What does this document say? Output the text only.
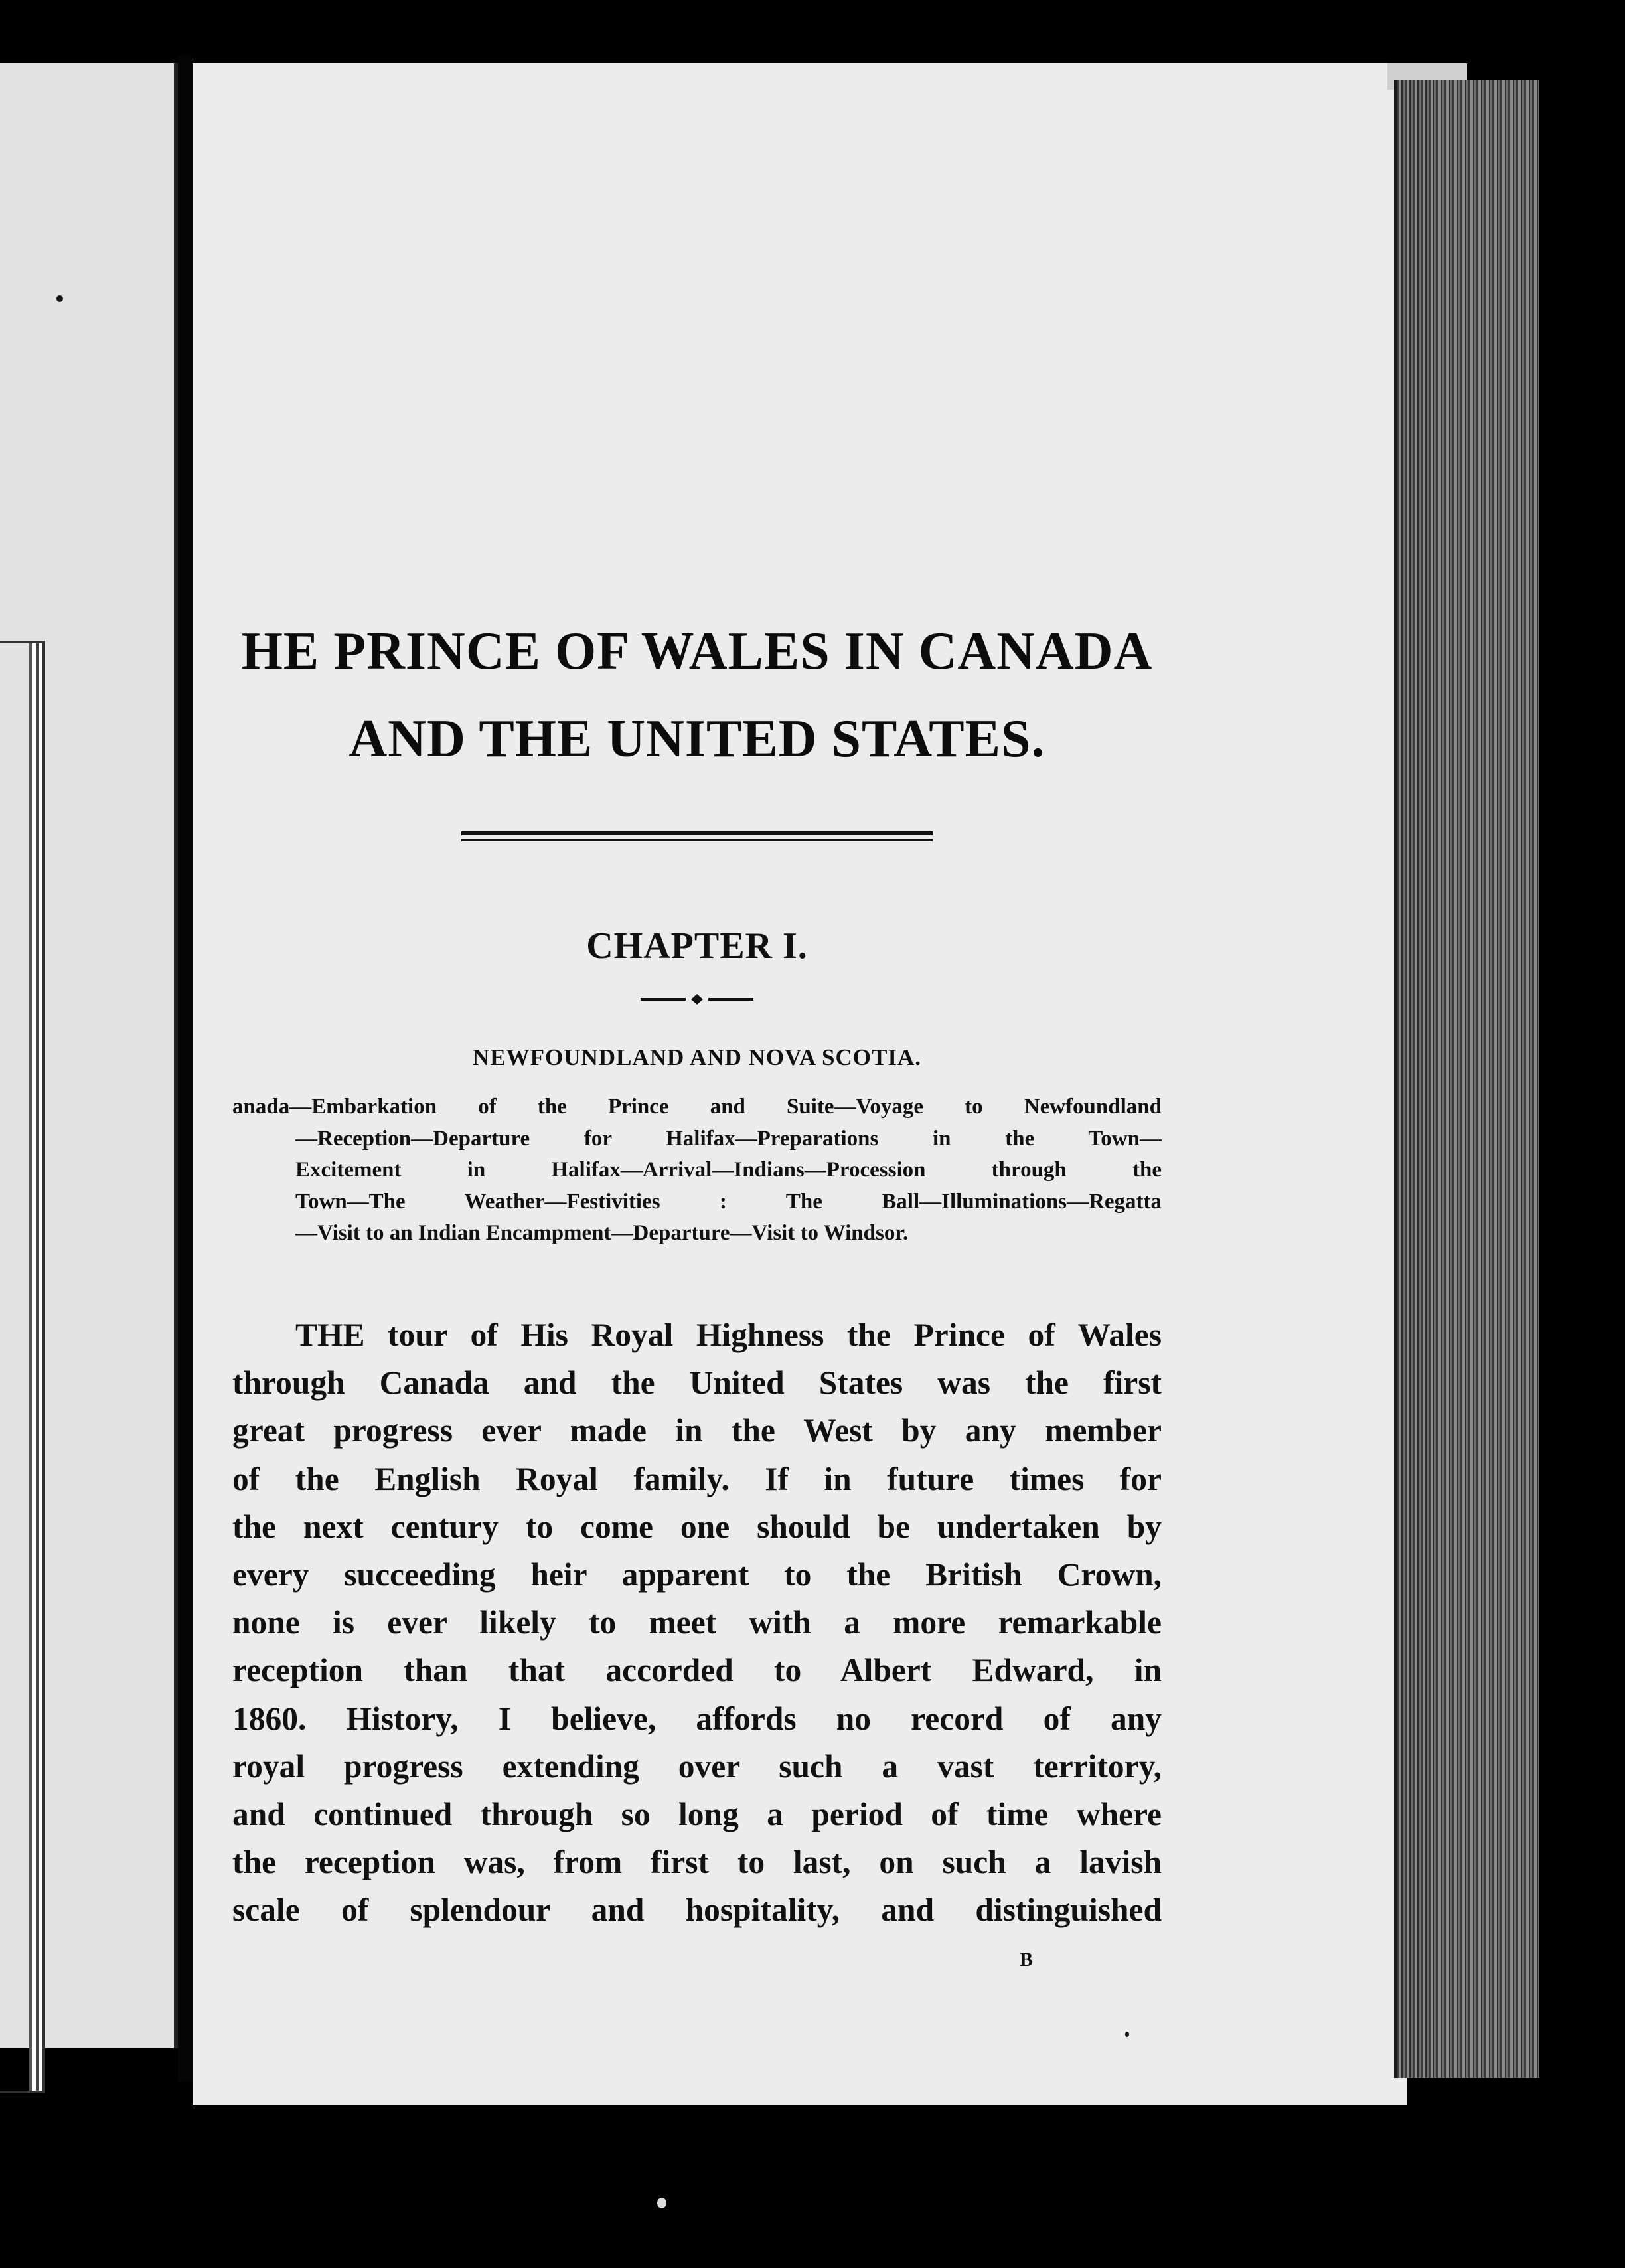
HE PRINCE OF WALES IN CANADA
AND THE UNITED STATES.
CHAPTER I.
NEWFOUNDLAND AND NOVA SCOTIA.
anada—Embarkation of the Prince and Suite—Voyage to Newfoundland
—Reception—Departure for Halifax—Preparations in the Town—
Excitement in Halifax—Arrival—Indians—Procession through the
Town—The Weather—Festivities : The Ball—Illuminations—Regatta
—Visit to an Indian Encampment—Departure—Visit to Windsor.
THE tour of His Royal Highness the Prince of Wales
through Canada and the United States was the first
great progress ever made in the West by any member
of the English Royal family. If in future times for
the next century to come one should be undertaken by
every succeeding heir apparent to the British Crown,
none is ever likely to meet with a more remarkable
reception than that accorded to Albert Edward, in
1860. History, I believe, affords no record of any
royal progress extending over such a vast territory,
and continued through so long a period of time where
the reception was, from first to last, on such a lavish
scale of splendour and hospitality, and distinguished
B
